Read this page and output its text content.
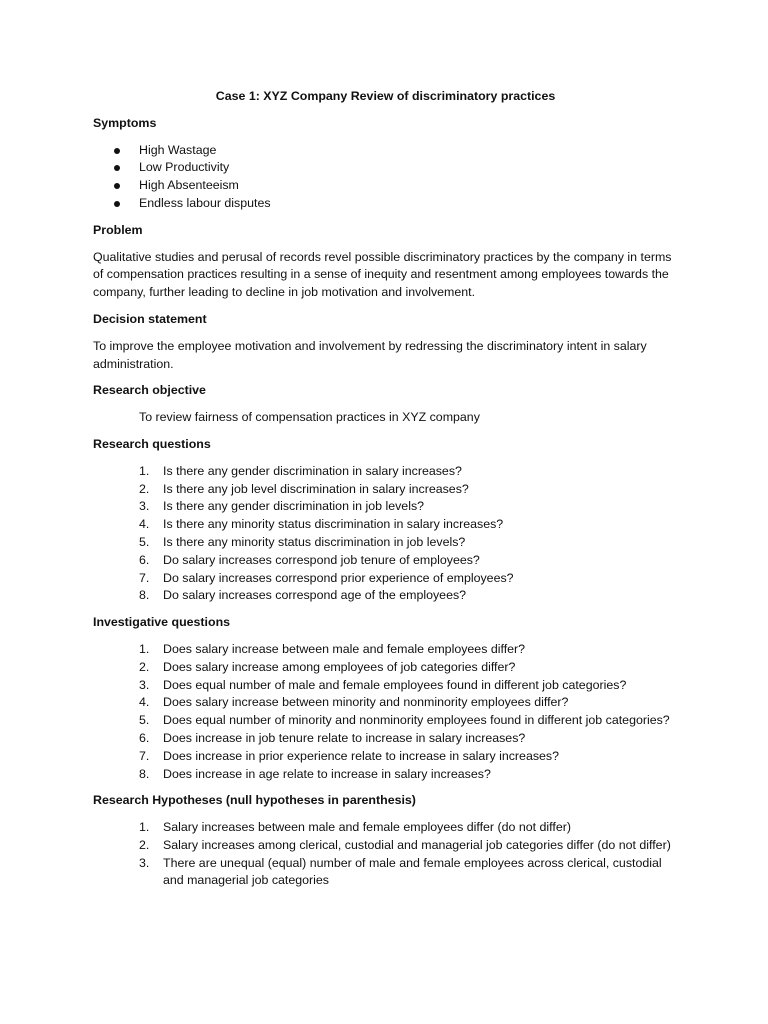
Case 1: XYZ Company Review of discriminatory practices
Symptoms
High Wastage
Low Productivity
High Absenteeism
Endless labour disputes
Problem
Qualitative studies and perusal of records revel possible discriminatory practices by the company in terms of compensation practices resulting in a sense of inequity and resentment among employees towards the company, further leading to decline in job motivation and involvement.
Decision statement
To improve the employee motivation and involvement by redressing the discriminatory intent in salary administration.
Research objective
To review fairness of compensation practices in XYZ company
Research questions
1. Is there any gender discrimination in salary increases?
2. Is there any job level discrimination in salary increases?
3. Is there any gender discrimination in job levels?
4. Is there any minority status discrimination in salary increases?
5. Is there any minority status discrimination in job levels?
6. Do salary increases correspond job tenure of employees?
7. Do salary increases correspond prior experience of employees?
8. Do salary increases correspond age of the employees?
Investigative questions
1. Does salary increase between male and female employees differ?
2. Does salary increase among employees of job categories differ?
3. Does equal number of male and female employees found in different job categories?
4. Does salary increase between minority and nonminority employees differ?
5. Does equal number of minority and nonminority employees found in different job categories?
6. Does increase in job tenure relate to increase in salary increases?
7. Does increase in prior experience relate to increase in salary increases?
8. Does increase in age relate to increase in salary increases?
Research Hypotheses (null hypotheses in parenthesis)
1. Salary increases between male and female employees differ (do not differ)
2. Salary increases among clerical, custodial and managerial job categories differ (do not differ)
3. There are unequal (equal) number of male and female employees across clerical, custodial and managerial job categories
